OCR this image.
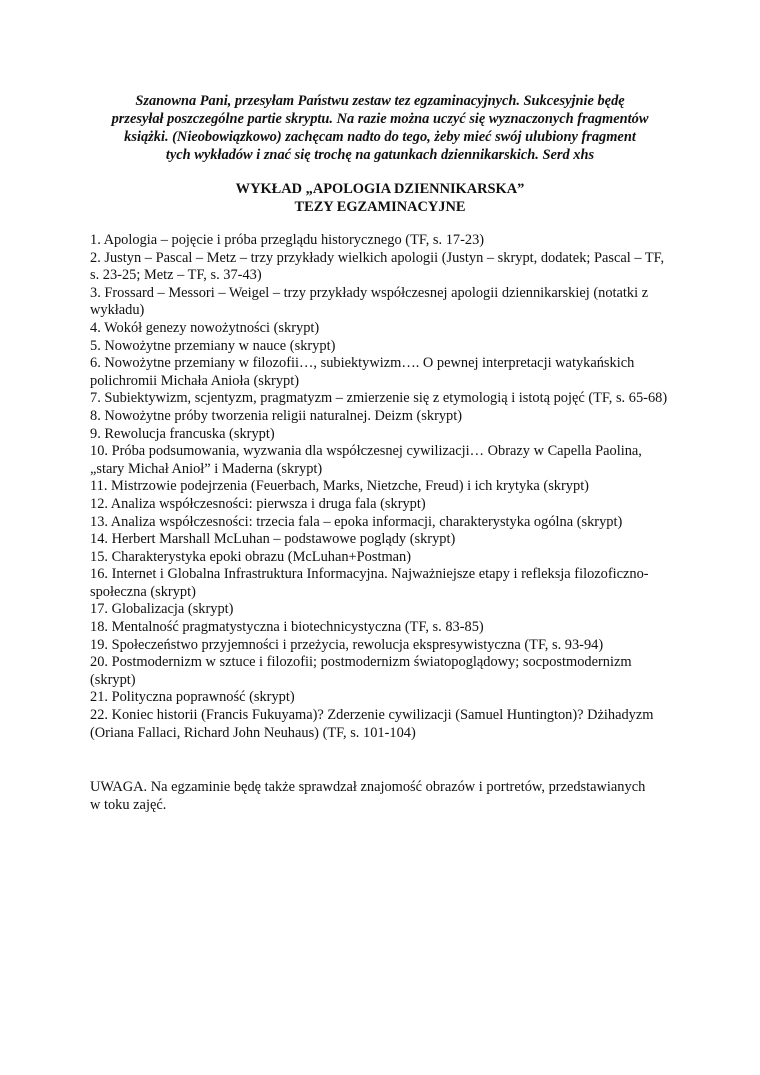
Szanowna Pani, przesyłam Państwu zestaw tez egzaminacyjnych. Sukcesyjnie będę
przesyłał poszczególne partie skryptu. Na razie można uczyć się wyznaczonych fragmentów
książki. (Nieobowiązkowo) zachęcam nadto do tego, żeby mieć swój ulubiony fragment
tych wykładów i znać się trochę na gatunkach dziennikarskich. Serd xhs
WYKŁAD „APOLOGIA DZIENNIKARSKA”
TEZY EGZAMINACYJNE
1. Apologia – pojęcie i próba przeglądu historycznego (TF, s. 17-23)
2. Justyn – Pascal – Metz – trzy przykłady wielkich apologii (Justyn – skrypt, dodatek; Pascal – TF, s. 23-25; Metz – TF, s. 37-43)
3. Frossard – Messori – Weigel – trzy przykłady współczesnej apologii dziennikarskiej (notatki z wykładu)
4. Wokół genezy nowożytności (skrypt)
5. Nowożytne przemiany w nauce (skrypt)
6. Nowożytne przemiany w filozofii…, subiektywizm…. O pewnej interpretacji watykańskich polichromii Michała Anioła (skrypt)
7. Subiektywizm, scjentyzm, pragmatyzm – zmierzenie się z etymologią i istotą pojęć (TF, s. 65-68)
8. Nowożytne próby tworzenia religii naturalnej. Deizm (skrypt)
9. Rewolucja francuska (skrypt)
10. Próba podsumowania, wyzwania dla współczesnej cywilizacji… Obrazy w Capella Paolina, „stary Michał Anioł” i Maderna (skrypt)
11. Mistrzowie podejrzenia (Feuerbach, Marks, Nietzche, Freud) i ich krytyka (skrypt)
12. Analiza współczesności: pierwsza i druga fala (skrypt)
13. Analiza współczesności: trzecia fala – epoka informacji, charakterystyka ogólna (skrypt)
14. Herbert Marshall McLuhan – podstawowe poglądy (skrypt)
15. Charakterystyka epoki obrazu (McLuhan+Postman)
16. Internet i Globalna Infrastruktura Informacyjna. Najważniejsze etapy i refleksja filozoficzno-społeczna (skrypt)
17. Globalizacja (skrypt)
18. Mentalność pragmatystyczna i biotechnicystyczna (TF, s. 83-85)
19. Społeczeństwo przyjemności i przeżycia, rewolucja ekspresywistyczna (TF, s. 93-94)
20. Postmodernizm w sztuce i filozofii; postmodernizm światopoglądowy; socpostmodernizm (skrypt)
21. Polityczna poprawność (skrypt)
22. Koniec historii (Francis Fukuyama)? Zderzenie cywilizacji (Samuel Huntington)? Dżihadyzm (Oriana Fallaci, Richard John Neuhaus) (TF, s. 101-104)
UWAGA. Na egzaminie będę także sprawdzał znajomość obrazów i portretów, przedstawianych w toku zajęć.
